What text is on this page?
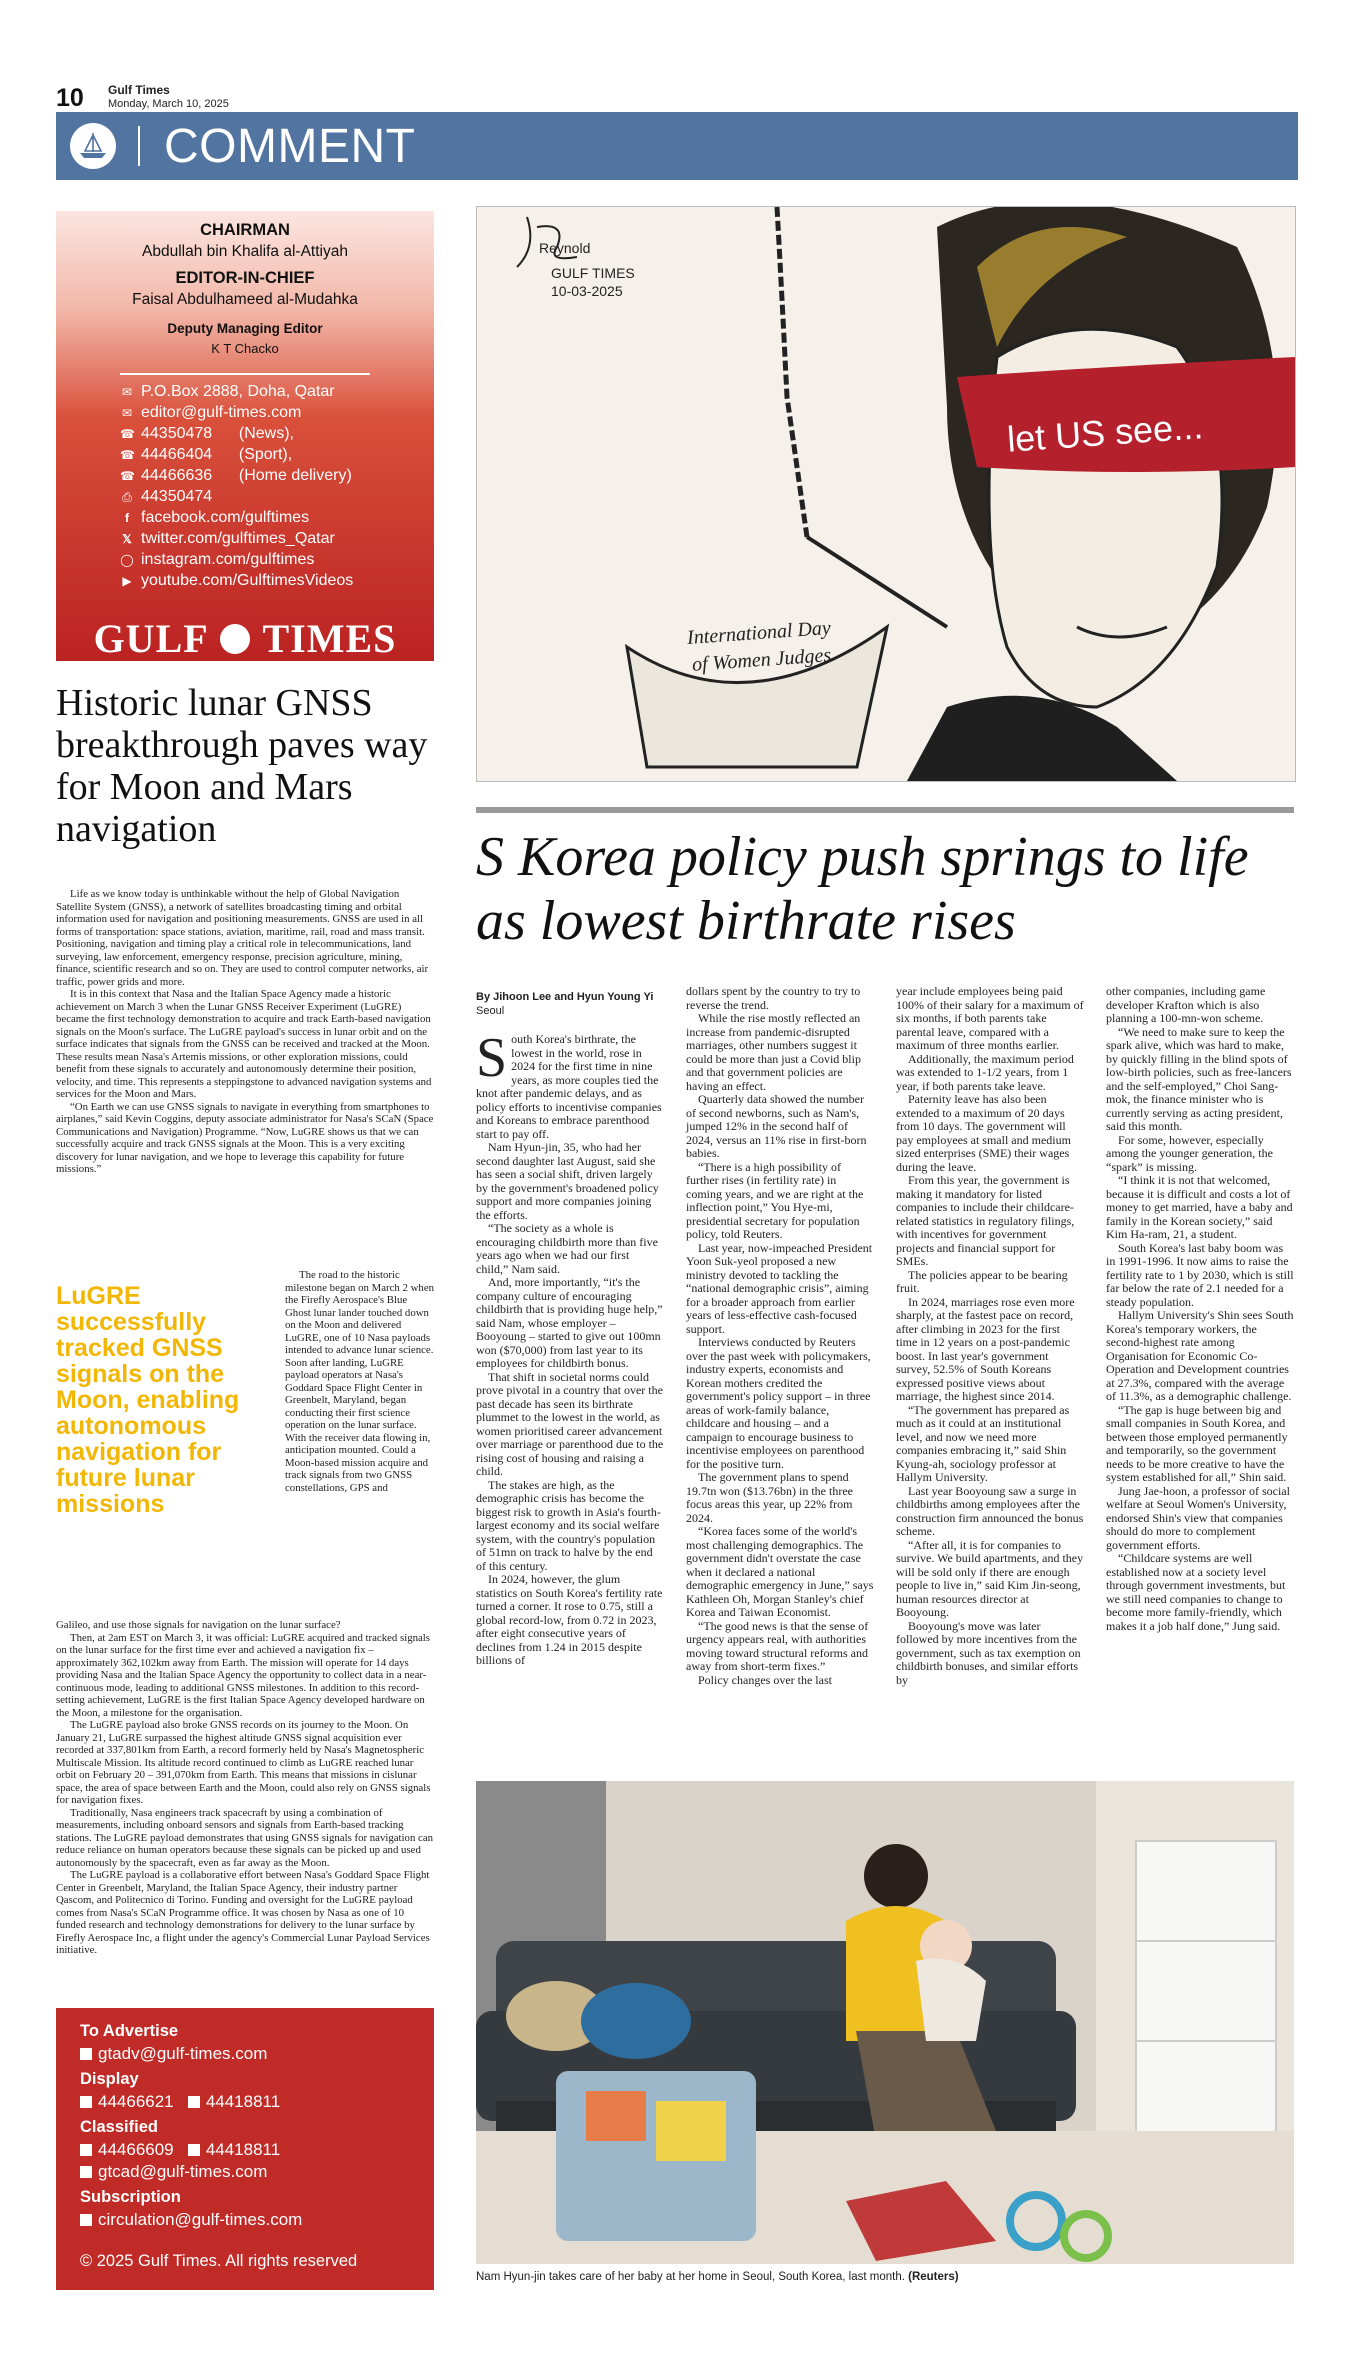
10 Gulf Times
Monday, March 10, 2025
COMMENT
CHAIRMAN
Abdullah bin Khalifa al-Attiyah
EDITOR-IN-CHIEF
Faisal Abdulhameed al-Mudahka
Deputy Managing Editor
K T Chacko
✉ P.O.Box 2888, Doha, Qatar
✉ editor@gulf-times.com
☎ 44350478      (News),
☎ 44466404      (Sport),
☎ 44466636      (Home delivery)
⎙ 44350474
f facebook.com/gulftimes
𝕏 twitter.com/gulftimes_Qatar
◯ instagram.com/gulftimes
▶ youtube.com/GulftimesVideos
GULF TIMES
Historic lunar GNSS breakthrough paves way for Moon and Mars navigation

Life as we know today is unthinkable without the help of Global Navigation Satellite System (GNSS), a network of satellites broadcasting timing and orbital information used for navigation and positioning measurements. GNSS are used in all forms of transportation: space stations, aviation, maritime, rail, road and mass transit. Positioning, navigation and timing play a critical role in telecommunications, land surveying, law enforcement, emergency response, precision agriculture, mining, finance, scientific research and so on. They are used to control computer networks, air traffic, power grids and more.

It is in this context that Nasa and the Italian Space Agency made a historic achievement on March 3 when the Lunar GNSS Receiver Experiment (LuGRE) became the first technology demonstration to acquire and track Earth-based navigation signals on the Moon's surface. The LuGRE payload's success in lunar orbit and on the surface indicates that signals from the GNSS can be received and tracked at the Moon. These results mean Nasa's Artemis missions, or other exploration missions, could benefit from these signals to accurately and autonomously determine their position, velocity, and time. This represents a steppingstone to advanced navigation systems and services for the Moon and Mars.

“On Earth we can use GNSS signals to navigate in everything from smartphones to airplanes,” said Kevin Coggins, deputy associate administrator for Nasa's SCaN (Space Communications and Navigation) Programme. “Now, LuGRE shows us that we can successfully acquire and track GNSS signals at the Moon. This is a very exciting discovery for lunar navigation, and we hope to leverage this capability for future missions.”

LuGRE successfully tracked GNSS signals on the Moon, enabling autonomous navigation for future lunar missions

The road to the historic milestone began on March 2 when the Firefly Aerospace's Blue Ghost lunar lander touched down on the Moon and delivered LuGRE, one of 10 Nasa payloads intended to advance lunar science. Soon after landing, LuGRE payload operators at Nasa's Goddard Space Flight Center in Greenbelt, Maryland, began conducting their first science operation on the lunar surface. With the receiver data flowing in, anticipation mounted. Could a Moon-based mission acquire and track signals from two GNSS constellations, GPS and

Galileo, and use those signals for navigation on the lunar surface?

Then, at 2am EST on March 3, it was official: LuGRE acquired and tracked signals on the lunar surface for the first time ever and achieved a navigation fix – approximately 362,102km away from Earth. The mission will operate for 14 days providing Nasa and the Italian Space Agency the opportunity to collect data in a near-continuous mode, leading to additional GNSS milestones. In addition to this record-setting achievement, LuGRE is the first Italian Space Agency developed hardware on the Moon, a milestone for the organisation.

The LuGRE payload also broke GNSS records on its journey to the Moon. On January 21, LuGRE surpassed the highest altitude GNSS signal acquisition ever recorded at 337,801km from Earth, a record formerly held by Nasa's Magnetospheric Multiscale Mission. Its altitude record continued to climb as LuGRE reached lunar orbit on February 20 – 391,070km from Earth. This means that missions in cislunar space, the area of space between Earth and the Moon, could also rely on GNSS signals for navigation fixes.

Traditionally, Nasa engineers track spacecraft by using a combination of measurements, including onboard sensors and signals from Earth-based tracking stations. The LuGRE payload demonstrates that using GNSS signals for navigation can reduce reliance on human operators because these signals can be picked up and used autonomously by the spacecraft, even as far away as the Moon.

The LuGRE payload is a collaborative effort between Nasa's Goddard Space Flight Center in Greenbelt, Maryland, the Italian Space Agency, their industry partner Qascom, and Politecnico di Torino. Funding and oversight for the LuGRE payload comes from Nasa's SCaN Programme office. It was chosen by Nasa as one of 10 funded research and technology demonstrations for delivery to the lunar surface by Firefly Aerospace Inc, a flight under the agency's Commercial Lunar Payload Services initiative.

To Advertise
gtadv@gulf-times.com
Display
44466621 44418811
Classified
44466609 44418811
gtcad@gulf-times.com
Subscription
circulation@gulf-times.com
© 2025 Gulf Times. All rights reserved
Reynold
GULF TIMES
10-03-2025
let US see...
International Day
of Women Judges
S Korea policy push springs to life as lowest birthrate rises
By Jihoon Lee and Hyun Young Yi
Seoul
S outh Korea's birthrate, the lowest in the world, rose in 2024 for the first time in nine years, as more couples tied the knot after pandemic delays, and as policy efforts to incentivise companies and Koreans to embrace parenthood start to pay off.

Nam Hyun-jin, 35, who had her second daughter last August, said she has seen a social shift, driven largely by the government's broadened policy support and more companies joining the efforts.

“The society as a whole is encouraging childbirth more than five years ago when we had our first child,” Nam said.

And, more importantly, “it's the company culture of encouraging childbirth that is providing huge help,” said Nam, whose employer – Booyoung – started to give out 100mn won ($70,000) from last year to its employees for childbirth bonus.

That shift in societal norms could prove pivotal in a country that over the past decade has seen its birthrate plummet to the lowest in the world, as women prioritised career advancement over marriage or parenthood due to the rising cost of housing and raising a child.

The stakes are high, as the demographic crisis has become the biggest risk to growth in Asia's fourth-largest economy and its social welfare system, with the country's population of 51mn on track to halve by the end of this century.

In 2024, however, the glum statistics on South Korea's fertility rate turned a corner. It rose to 0.75, still a global record-low, from 0.72 in 2023, after eight consecutive years of declines from 1.24 in 2015 despite billions of

dollars spent by the country to try to reverse the trend.

While the rise mostly reflected an increase from pandemic-disrupted marriages, other numbers suggest it could be more than just a Covid blip and that government policies are having an effect.

Quarterly data showed the number of second newborns, such as Nam's, jumped 12% in the second half of 2024, versus an 11% rise in first-born babies.

“There is a high possibility of further rises (in fertility rate) in coming years, and we are right at the inflection point,” You Hye-mi, presidential secretary for population policy, told Reuters.

Last year, now-impeached President Yoon Suk-yeol proposed a new ministry devoted to tackling the “national demographic crisis”, aiming for a broader approach from earlier years of less-effective cash-focused support.

Interviews conducted by Reuters over the past week with policymakers, industry experts, economists and Korean mothers credited the government's policy support – in three areas of work-family balance, childcare and housing – and a campaign to encourage business to incentivise employees on parenthood for the positive turn.

The government plans to spend 19.7tn won ($13.76bn) in the three focus areas this year, up 22% from 2024.

“Korea faces some of the world's most challenging demographics. The government didn't overstate the case when it declared a national demographic emergency in June,” says Kathleen Oh, Morgan Stanley's chief Korea and Taiwan Economist.

“The good news is that the sense of urgency appears real, with authorities moving toward structural reforms and away from short-term fixes.”

Policy changes over the last

year include employees being paid 100% of their salary for a maximum of six months, if both parents take parental leave, compared with a maximum of three months earlier.

Additionally, the maximum period was extended to 1-1/2 years, from 1 year, if both parents take leave.

Paternity leave has also been extended to a maximum of 20 days from 10 days. The government will pay employees at small and medium sized enterprises (SME) their wages during the leave.

From this year, the government is making it mandatory for listed companies to include their childcare-related statistics in regulatory filings, with incentives for government projects and financial support for SMEs.

The policies appear to be bearing fruit.

In 2024, marriages rose even more sharply, at the fastest pace on record, after climbing in 2023 for the first time in 12 years on a post-pandemic boost. In last year's government survey, 52.5% of South Koreans expressed positive views about marriage, the highest since 2014.

“The government has prepared as much as it could at an institutional level, and now we need more companies embracing it,” said Shin Kyung-ah, sociology professor at Hallym University.

Last year Booyoung saw a surge in childbirths among employees after the construction firm announced the bonus scheme.

“After all, it is for companies to survive. We build apartments, and they will be sold only if there are enough people to live in,” said Kim Jin-seong, human resources director at Booyoung.

Booyoung's move was later followed by more incentives from the government, such as tax exemption on childbirth bonuses, and similar efforts by

other companies, including game developer Krafton which is also planning a 100-mn-won scheme.

“We need to make sure to keep the spark alive, which was hard to make, by quickly filling in the blind spots of low-birth policies, such as free-lancers and the self-employed,” Choi Sang-mok, the finance minister who is currently serving as acting president, said this month.

For some, however, especially among the younger generation, the “spark” is missing.

“I think it is not that welcomed, because it is difficult and costs a lot of money to get married, have a baby and family in the Korean society,” said Kim Ha-ram, 21, a student.

South Korea's last baby boom was in 1991-1996. It now aims to raise the fertility rate to 1 by 2030, which is still far below the rate of 2.1 needed for a steady population.

Hallym University's Shin sees South Korea's temporary workers, the second-highest rate among Organisation for Economic Co-Operation and Development countries at 27.3%, compared with the average of 11.3%, as a demographic challenge.

“The gap is huge between big and small companies in South Korea, and between those employed permanently and temporarily, so the government needs to be more creative to have the system established for all,” Shin said.

Jung Jae-hoon, a professor of social welfare at Seoul Women's University, endorsed Shin's view that companies should do more to complement government efforts.

“Childcare systems are well established now at a society level through government investments, but we still need companies to change to become more family-friendly, which makes it a job half done,” Jung said.

Nam Hyun-jin takes care of her baby at her home in Seoul, South Korea, last month. (Reuters)
